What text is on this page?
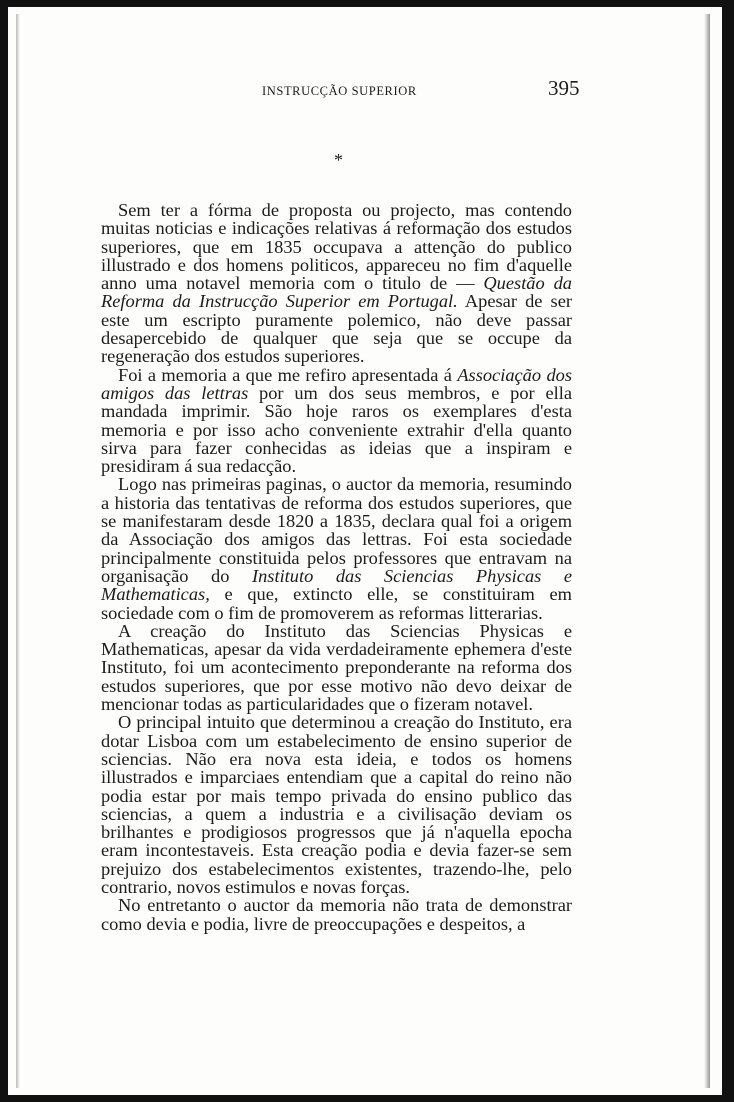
INSTRUCÇÃO SUPERIOR	395
*

Sem ter a fórma de proposta ou projecto, mas contendo muitas noticias e indicações relativas á reformação dos estudos superiores, que em 1835 occupava a attenção do publico illustrado e dos homens politicos, appareceu no fim d'aquelle anno uma notavel memoria com o titulo de — Questão da Reforma da Instrucção Superior em Portugal. Apesar de ser este um escripto puramente polemico, não deve passar desapercebido de qualquer que seja que se occupe da regeneração dos estudos superiores.

Foi a memoria a que me refiro apresentada á Associação dos amigos das lettras por um dos seus membros, e por ella mandada imprimir. São hoje raros os exemplares d'esta memoria e por isso acho conveniente extrahir d'ella quanto sirva para fazer conhecidas as ideias que a inspiram e presidiram á sua redacção.

Logo nas primeiras paginas, o auctor da memoria, resumindo a historia das tentativas de reforma dos estudos superiores, que se manifestaram desde 1820 a 1835, declara qual foi a origem da Associação dos amigos das lettras. Foi esta sociedade principalmente constituida pelos professores que entravam na organisação do Instituto das Sciencias Physicas e Mathematicas, e que, extincto elle, se constituiram em sociedade com o fim de promoverem as reformas litterarias.

A creação do Instituto das Sciencias Physicas e Mathematicas, apesar da vida verdadeiramente ephemera d'este Instituto, foi um acontecimento preponderante na reforma dos estudos superiores, que por esse motivo não devo deixar de mencionar todas as particularidades que o fizeram notavel.

O principal intuito que determinou a creação do Instituto, era dotar Lisboa com um estabelecimento de ensino superior de sciencias. Não era nova esta ideia, e todos os homens illustrados e imparciaes entendiam que a capital do reino não podia estar por mais tempo privada do ensino publico das sciencias, a quem a industria e a civilisação deviam os brilhantes e prodigiosos progressos que já n'aquella epocha eram incontestaveis. Esta creação podia e devia fazer-se sem prejuizo dos estabelecimentos existentes, trazendo-lhe, pelo contrario, novos estimulos e novas forças.

No entretanto o auctor da memoria não trata de demonstrar como devia e podia, livre de preoccupações e despeitos, a
